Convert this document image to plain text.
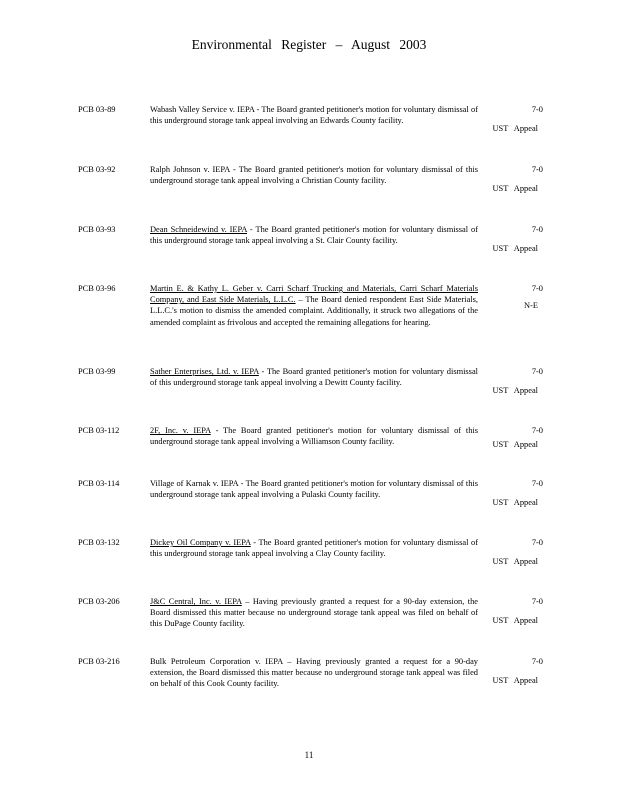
Environmental Register – August 2003
PCB 03-89	Wabash Valley Service v. IEPA - The Board granted petitioner's motion for voluntary dismissal of this underground storage tank appeal involving an Edwards County facility.
7-0
UST Appeal
PCB 03-92	Ralph Johnson v. IEPA - The Board granted petitioner's motion for voluntary dismissal of this underground storage tank appeal involving a Christian County facility.
7-0
UST Appeal
PCB 03-93	Dean Schneidewind v. IEPA - The Board granted petitioner's motion for voluntary dismissal of this underground storage tank appeal involving a St. Clair County facility.
7-0
UST Appeal
PCB 03-96	Martin E. & Kathy L. Geber v. Carri Scharf Trucking and Materials, Carri Scharf Materials Company, and East Side Materials, L.L.C. – The Board denied respondent East Side Materials, L.L.C.'s motion to dismiss the amended complaint. Additionally, it struck two allegations of the amended complaint as frivolous and accepted the remaining allegations for hearing.
7-0
N-E
PCB 03-99	Sather Enterprises, Ltd. v. IEPA - The Board granted petitioner's motion for voluntary dismissal of this underground storage tank appeal involving a Dewitt County facility.
7-0
UST Appeal
PCB 03-112	2F, Inc. v. IEPA - The Board granted petitioner's motion for voluntary dismissal of this underground storage tank appeal involving a Williamson County facility.
7-0
UST Appeal
PCB 03-114	Village of Karnak v. IEPA - The Board granted petitioner's motion for voluntary dismissal of this underground storage tank appeal involving a Pulaski County facility.
7-0
UST Appeal
PCB 03-132	Dickey Oil Company v. IEPA - The Board granted petitioner's motion for voluntary dismissal of this underground storage tank appeal involving a Clay County facility.
7-0
UST Appeal
PCB 03-206	J&C Central, Inc. v. IEPA – Having previously granted a request for a 90-day extension, the Board dismissed this matter because no underground storage tank appeal was filed on behalf of this DuPage County facility.
7-0
UST Appeal
PCB 03-216	Bulk Petroleum Corporation v. IEPA – Having previously granted a request for a 90-day extension, the Board dismissed this matter because no underground storage tank appeal was filed on behalf of this Cook County facility.
7-0
UST Appeal
11
